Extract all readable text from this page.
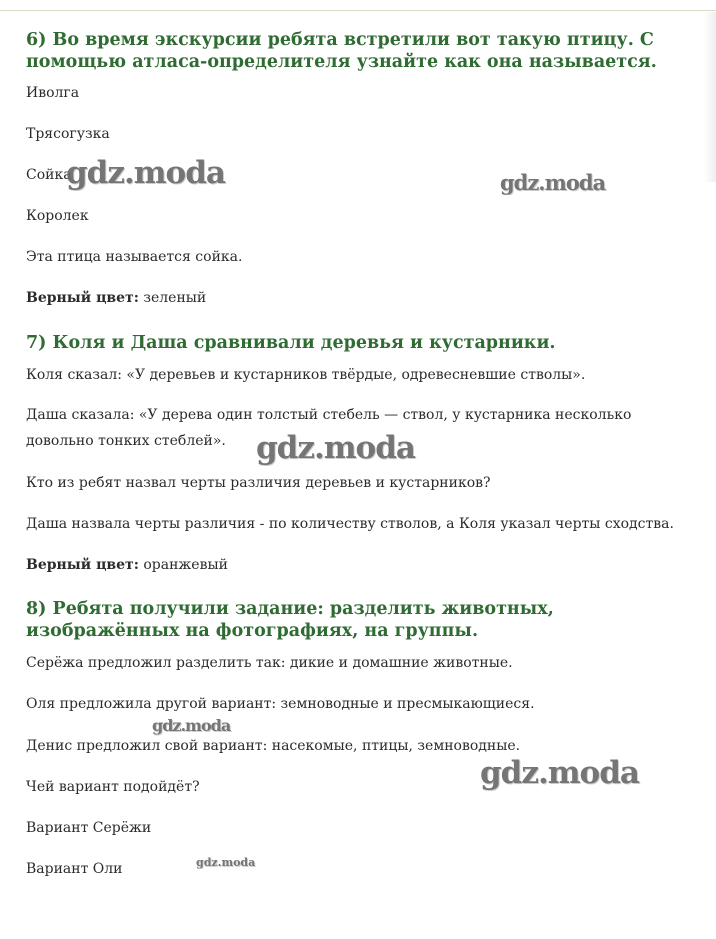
6) Во время экскурсии ребята встретили вот такую птицу. С помощью атласа-определителя узнайте как она называется.

Иволга

Трясогузка

Сойка

Королек

Эта птица называется сойка.

Верный цвет: зеленый

7) Коля и Даша сравнивали деревья и кустарники.

Коля сказал: «У деревьев и кустарников твёрдые, одревесневшие стволы».

Даша сказала: «У дерева один толстый стебель — ствол, у кустарника несколько довольно тонких стеблей».

Кто из ребят назвал черты различия деревьев и кустарников?

Даша назвала черты различия - по количеству стволов, а Коля указал черты сходства.

Верный цвет: оранжевый

8) Ребята получили задание: разделить животных, изображённых на фотографиях, на группы.

Серёжа предложил разделить так: дикие и домашние животные.

Оля предложила другой вариант: земноводные и пресмыкающиеся.

Денис предложил свой вариант: насекомые, птицы, земноводные.

Чей вариант подойдёт?

Вариант Серёжи

Вариант Оли

gdz.moda	gdz.moda
gdz.moda
gdz.moda
gdz.moda
gdz.moda
